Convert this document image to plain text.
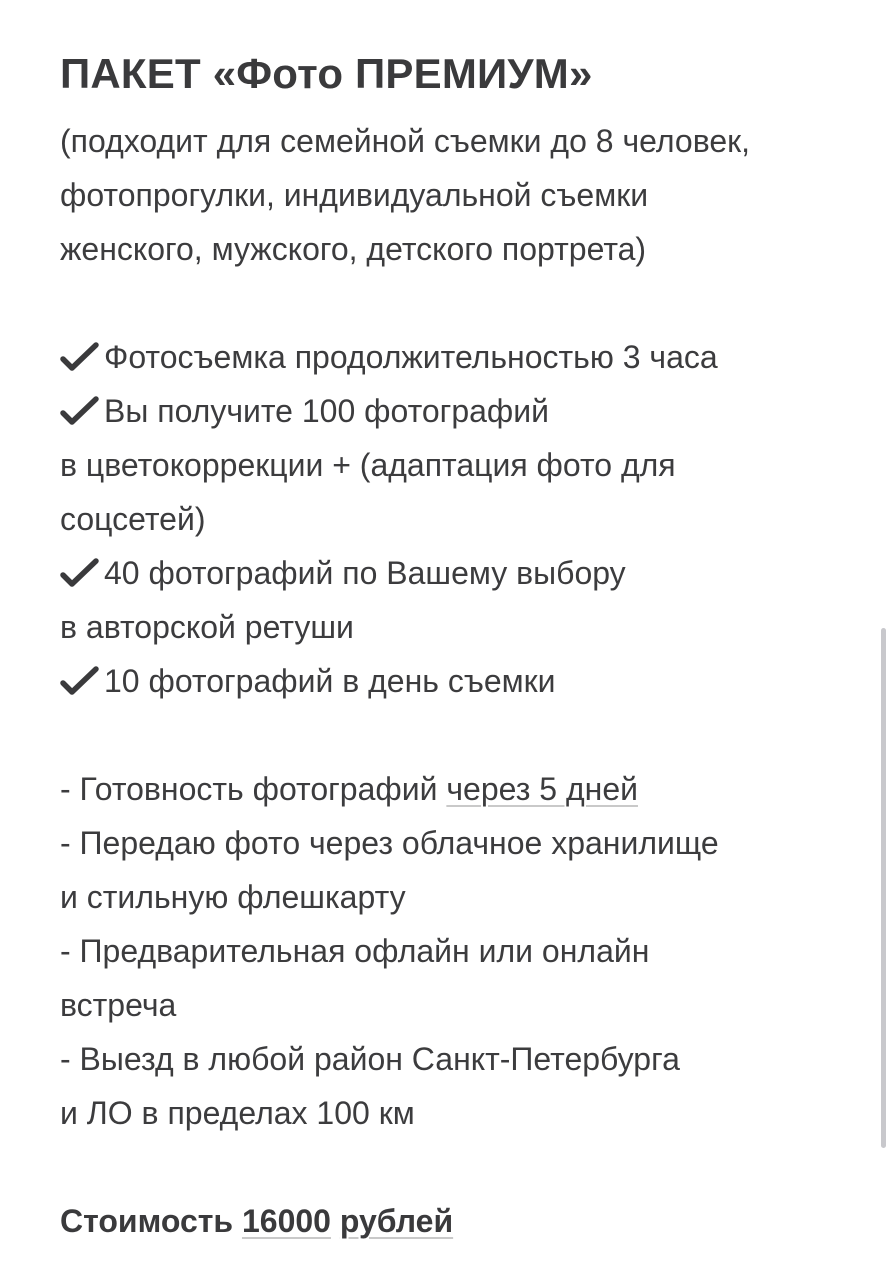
ПАКЕТ «Фото ПРЕМИУМ»
(подходит для семейной съемки до 8 человек,
фотопрогулки, индивидуальной съемки
женского, мужского, детского портрета)
Фотосъемка продолжительностью 3 часа
Вы получите 100 фотографий
в цветокоррекции + (адаптация фото для
соцсетей)
40 фотографий по Вашему выбору
в авторской ретуши
10 фотографий в день съемки
- Готовность фотографий через 5 дней
- Передаю фото через облачное хранилище
и стильную флешкарту
- Предварительная офлайн или онлайн
встреча
- Выезд в любой район Санкт-Петербурга
и ЛО в пределах 100 км
Стоимость 16000 рублей
